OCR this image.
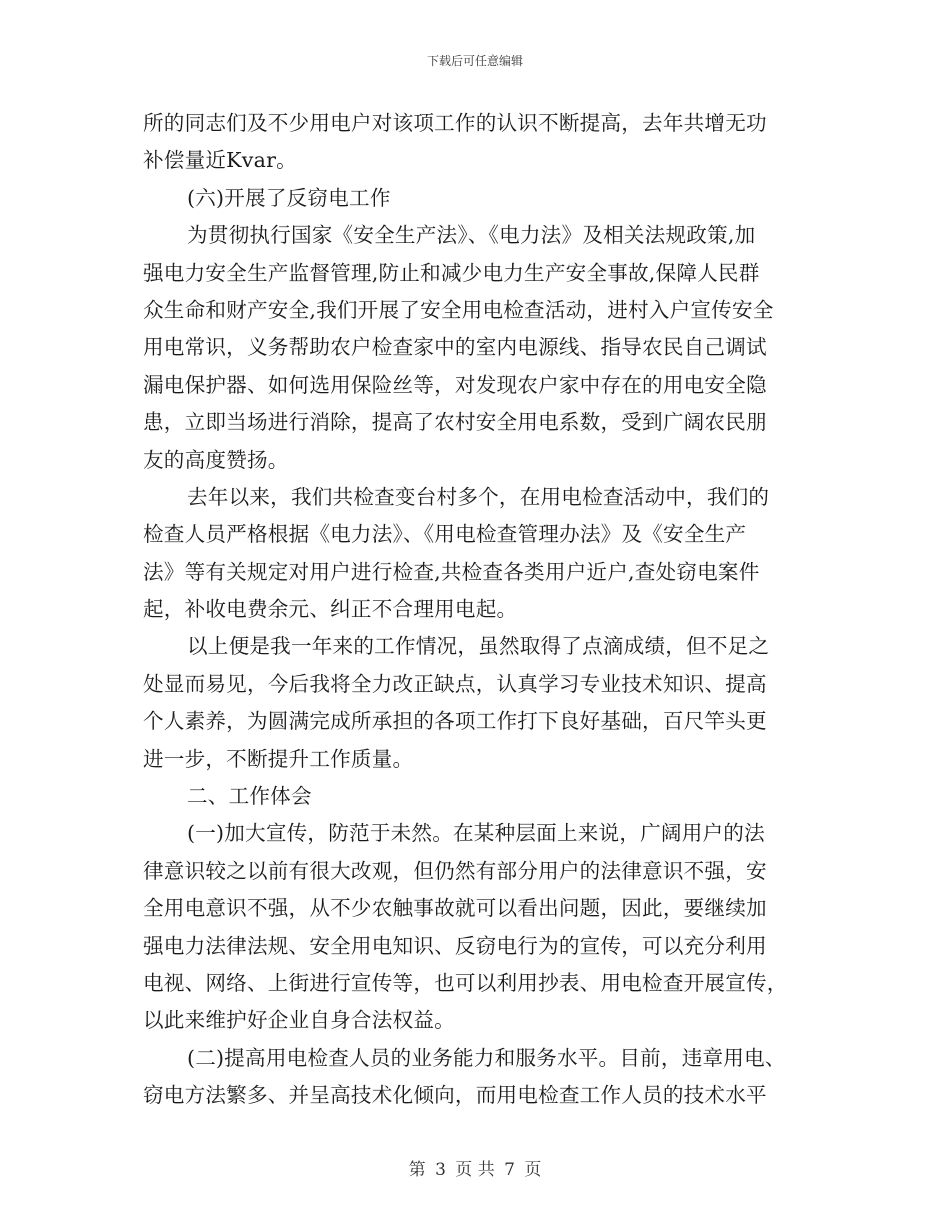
下载后可任意编辑
所的同志们及不少用电户对该项工作的认识不断提高，去年共增无功
补偿量近Kvar。
(六)开展了反窃电工作
为贯彻执行国家《安全生产法》、《电力法》及相关法规政策,加
强电力安全生产监督管理,防止和减少电力生产安全事故,保障人民群
众生命和财产安全,我们开展了安全用电检查活动，进村入户宣传安全
用电常识，义务帮助农户检查家中的室内电源线、指导农民自己调试
漏电保护器、如何选用保险丝等，对发现农户家中存在的用电安全隐
患，立即当场进行消除，提高了农村安全用电系数，受到广阔农民朋
友的高度赞扬。
去年以来，我们共检查变台村多个，在用电检查活动中，我们的
检查人员严格根据《电力法》、《用电检查管理办法》及《安全生产
法》等有关规定对用户进行检查,共检查各类用户近户,查处窃电案件
起，补收电费余元、纠正不合理用电起。
以上便是我一年来的工作情况，虽然取得了点滴成绩，但不足之
处显而易见，今后我将全力改正缺点，认真学习专业技术知识、提高
个人素养，为圆满完成所承担的各项工作打下良好基础，百尺竿头更
进一步，不断提升工作质量。
二、工作体会
(一)加大宣传，防范于未然。在某种层面上来说，广阔用户的法
律意识较之以前有很大改观，但仍然有部分用户的法律意识不强，安
全用电意识不强，从不少农触事故就可以看出问题，因此，要继续加
强电力法律法规、安全用电知识、反窃电行为的宣传，可以充分利用
电视、网络、上街进行宣传等，也可以利用抄表、用电检查开展宣传，
以此来维护好企业自身合法权益。
(二)提高用电检查人员的业务能力和服务水平。目前，违章用电、
窃电方法繁多、并呈高技术化倾向，而用电检查工作人员的技术水平
第 3 页 共 7 页
